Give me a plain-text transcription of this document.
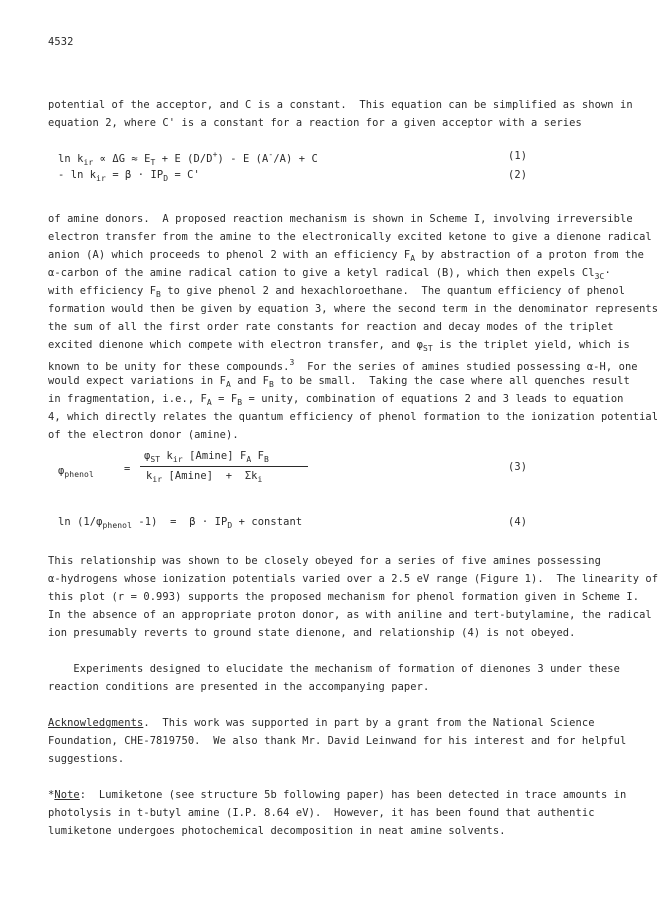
4532
potential of the acceptor, and C is a constant.  This equation can be simplified as shown in
equation 2, where C' is a constant for a reaction for a given acceptor with a series
$\ln k_{ir} \propto \Delta G \approx E_T + E$ (D/D+) - E (A-/A) + C	(1)
- $\ln k_{ir} = \beta \cdot IP_D = C'$	(2)
of amine donors.  A proposed reaction mechanism is shown in Scheme I, involving irreversible
electron transfer from the amine to the electronically excited ketone to give a dienone radical
anion (A) which proceeds to phenol 2 with an efficiency $F_A$ by abstraction of a proton from the
α-carbon of the amine radical cation to give a ketyl radical (B), which then expels $Cl_{3C}\cdot$
with efficiency $F_B$ to give phenol 2 and hexachloroethane.  The quantum efficiency of phenol
formation would then be given by equation 3, where the second term in the denominator represents
the sum of all the first order rate constants for reaction and decay modes of the triplet
excited dienone which compete with electron transfer, and $\varphi_{ST}$ is the triplet yield, which is
known to be unity for these compounds.$^3$  For the series of amines studied possessing α-H, one
would expect variations in $F_A$ and $F_B$ to be small.  Taking the case where all quenches result
in fragmentation, i.e., $F_A = F_B$ = unity, combination of equations 2 and 3 leads to equation
4, which directly relates the quantum efficiency of phenol formation to the ionization potential
of the electron donor (amine).
$\varphi_{phenol}$	=
$\varphi_{ST}$ $k_{ir}$ [Amine] $F_A$ $F_B$
$k_{ir}$ $[Amine] + \Sigma k_i$
(3)
$\ln (1/\varphi_{phenol}$ $-1) = \beta \cdot IP_D$ + constant	(4)
This relationship was shown to be closely obeyed for a series of five amines possessing
α-hydrogens whose ionization potentials varied over a 2.5 eV range (Figure 1).  The linearity of
this plot (r = 0.993) supports the proposed mechanism for phenol formation given in Scheme I.
In the absence of an appropriate proton donor, as with aniline and tert-butylamine, the radical
ion presumably reverts to ground state dienone, and relationship (4) is not obeyed.
Experiments designed to elucidate the mechanism of formation of dienones 3 under these
reaction conditions are presented in the accompanying paper.
Acknowledgments.  This work was supported in part by a grant from the National Science
Foundation, CHE-7819750.  We also thank Mr. David Leinwand for his interest and for helpful
suggestions.
*Note:  Lumiketone (see structure 5b following paper) has been detected in trace amounts in
photolysis in t-butyl amine (I.P. 8.64 eV).  However, it has been found that authentic
lumiketone undergoes photochemical decomposition in neat amine solvents.
